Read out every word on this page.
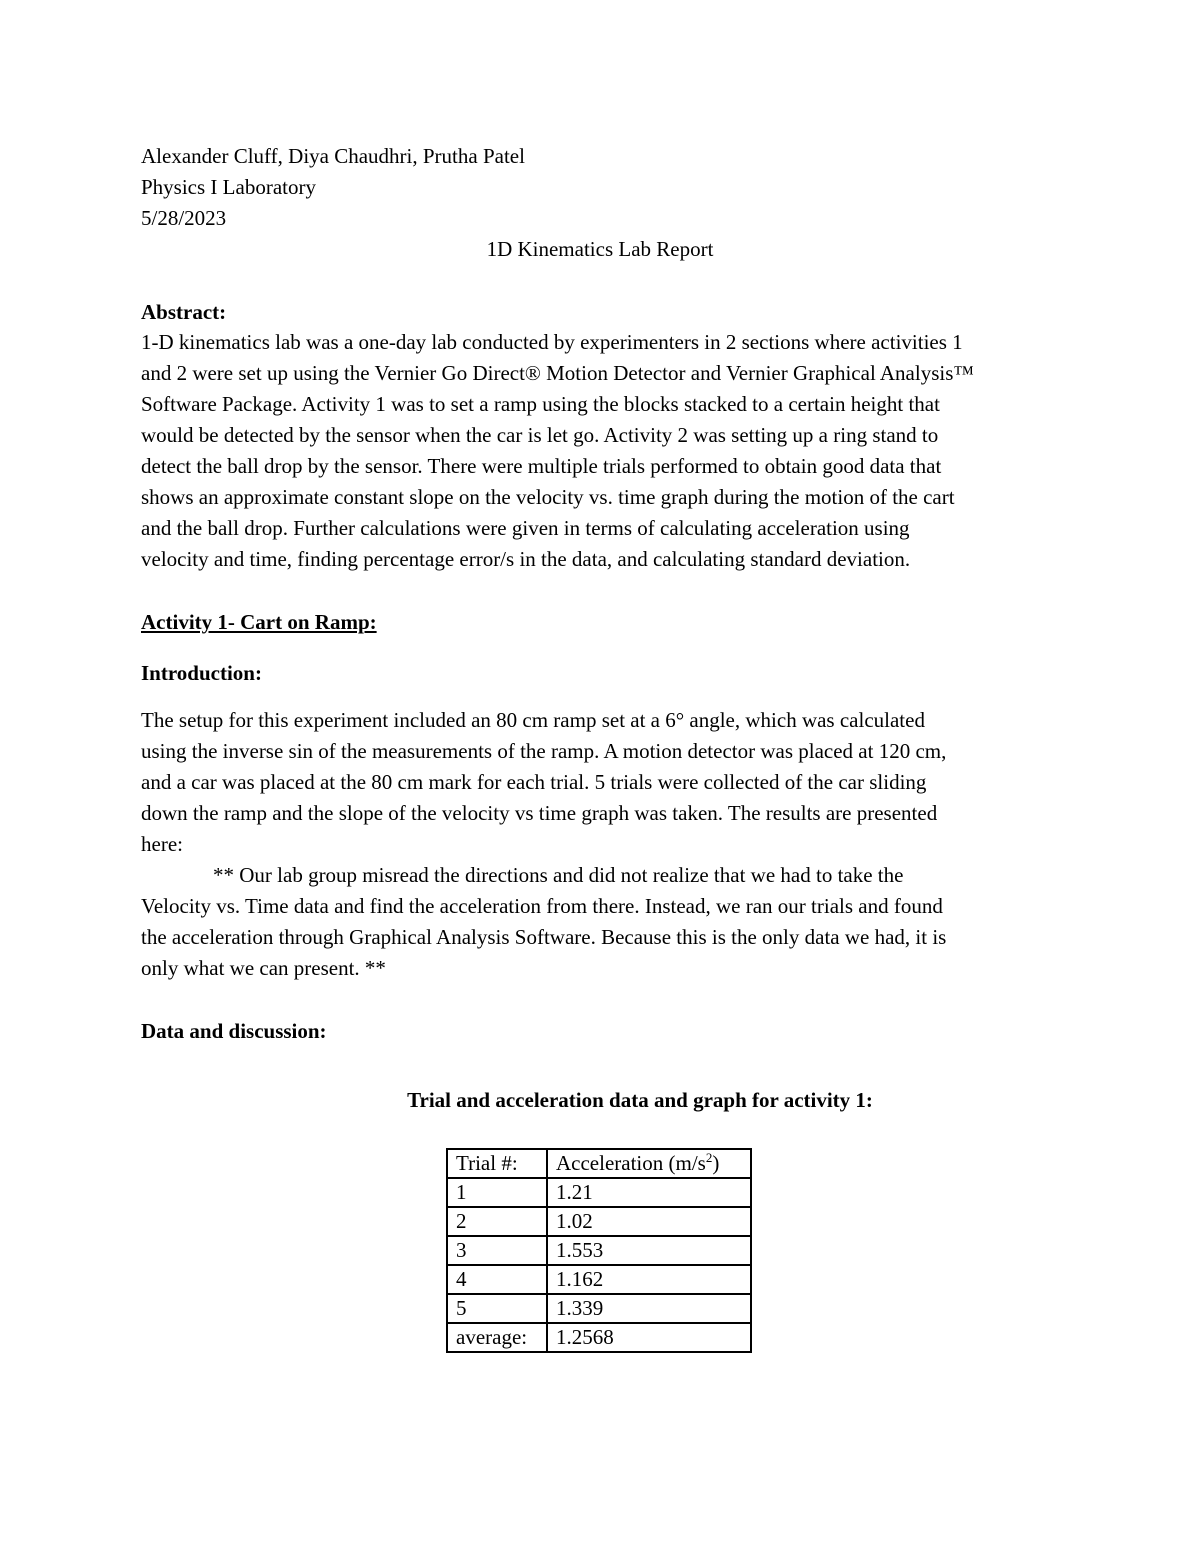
Alexander Cluff, Diya Chaudhri, Prutha Patel
Physics I Laboratory
5/28/2023
1D Kinematics Lab Report
Abstract:

1-D kinematics lab was a one-day lab conducted by experimenters in 2 sections where activities 1

and 2 were set up using the Vernier Go Direct® Motion Detector and Vernier Graphical Analysis™

Software Package. Activity 1 was to set a ramp using the blocks stacked to a certain height that

would be detected by the sensor when the car is let go. Activity 2 was setting up a ring stand to

detect the ball drop by the sensor. There were multiple trials performed to obtain good data that

shows an approximate constant slope on the velocity vs. time graph during the motion of the cart

and the ball drop. Further calculations were given in terms of calculating acceleration using

velocity and time, finding percentage error/s in the data, and calculating standard deviation.

Activity 1- Cart on Ramp:
Introduction:

The setup for this experiment included an 80 cm ramp set at a 6° angle, which was calculated

using the inverse sin of the measurements of the ramp. A motion detector was placed at 120 cm,

and a car was placed at the 80 cm mark for each trial. 5 trials were collected of the car sliding

down the ramp and the slope of the velocity vs time graph was taken. The results are presented

here:

** Our lab group misread the directions and did not realize that we had to take the

Velocity vs. Time data and find the acceleration from there. Instead, we ran our trials and found

the acceleration through Graphical Analysis Software. Because this is the only data we had, it is

only what we can present. **

Data and discussion:
Trial and acceleration data and graph for activity 1:
Trial #:	Acceleration $(m/s^2)$
1	1.21
2	1.02
3	1.553
4	1.162
5	1.339
average:	1.2568
